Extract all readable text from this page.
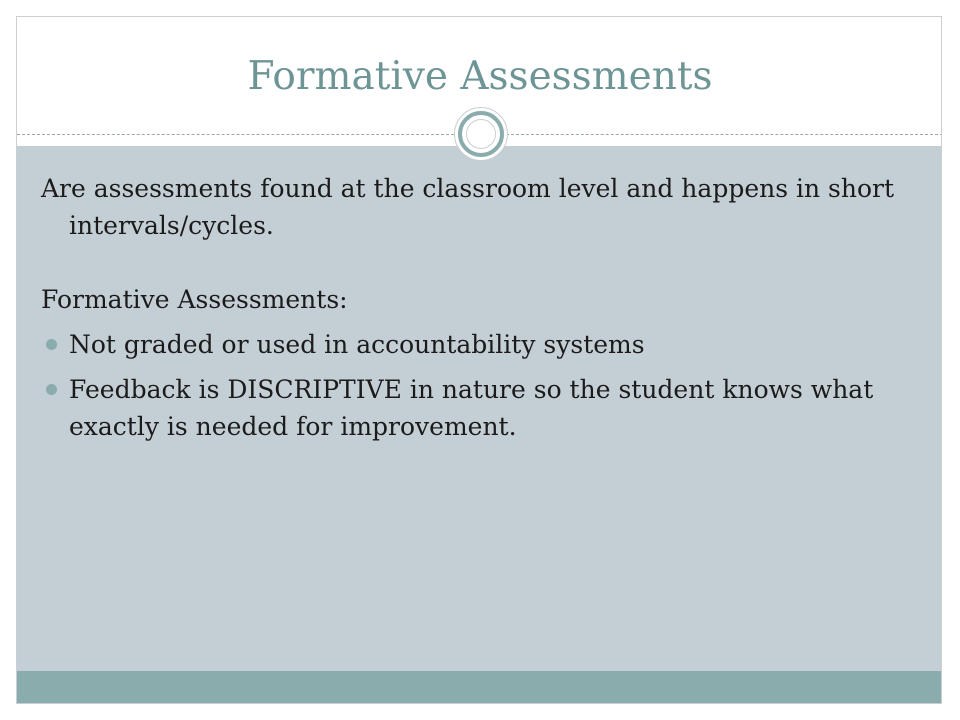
Formative Assessments

Are assessments found at the classroom level and happens in short intervals/cycles.

Formative Assessments:

Not graded or used in accountability systems
Feedback is DISCRIPTIVE in nature so the student knows what exactly is needed for improvement.
